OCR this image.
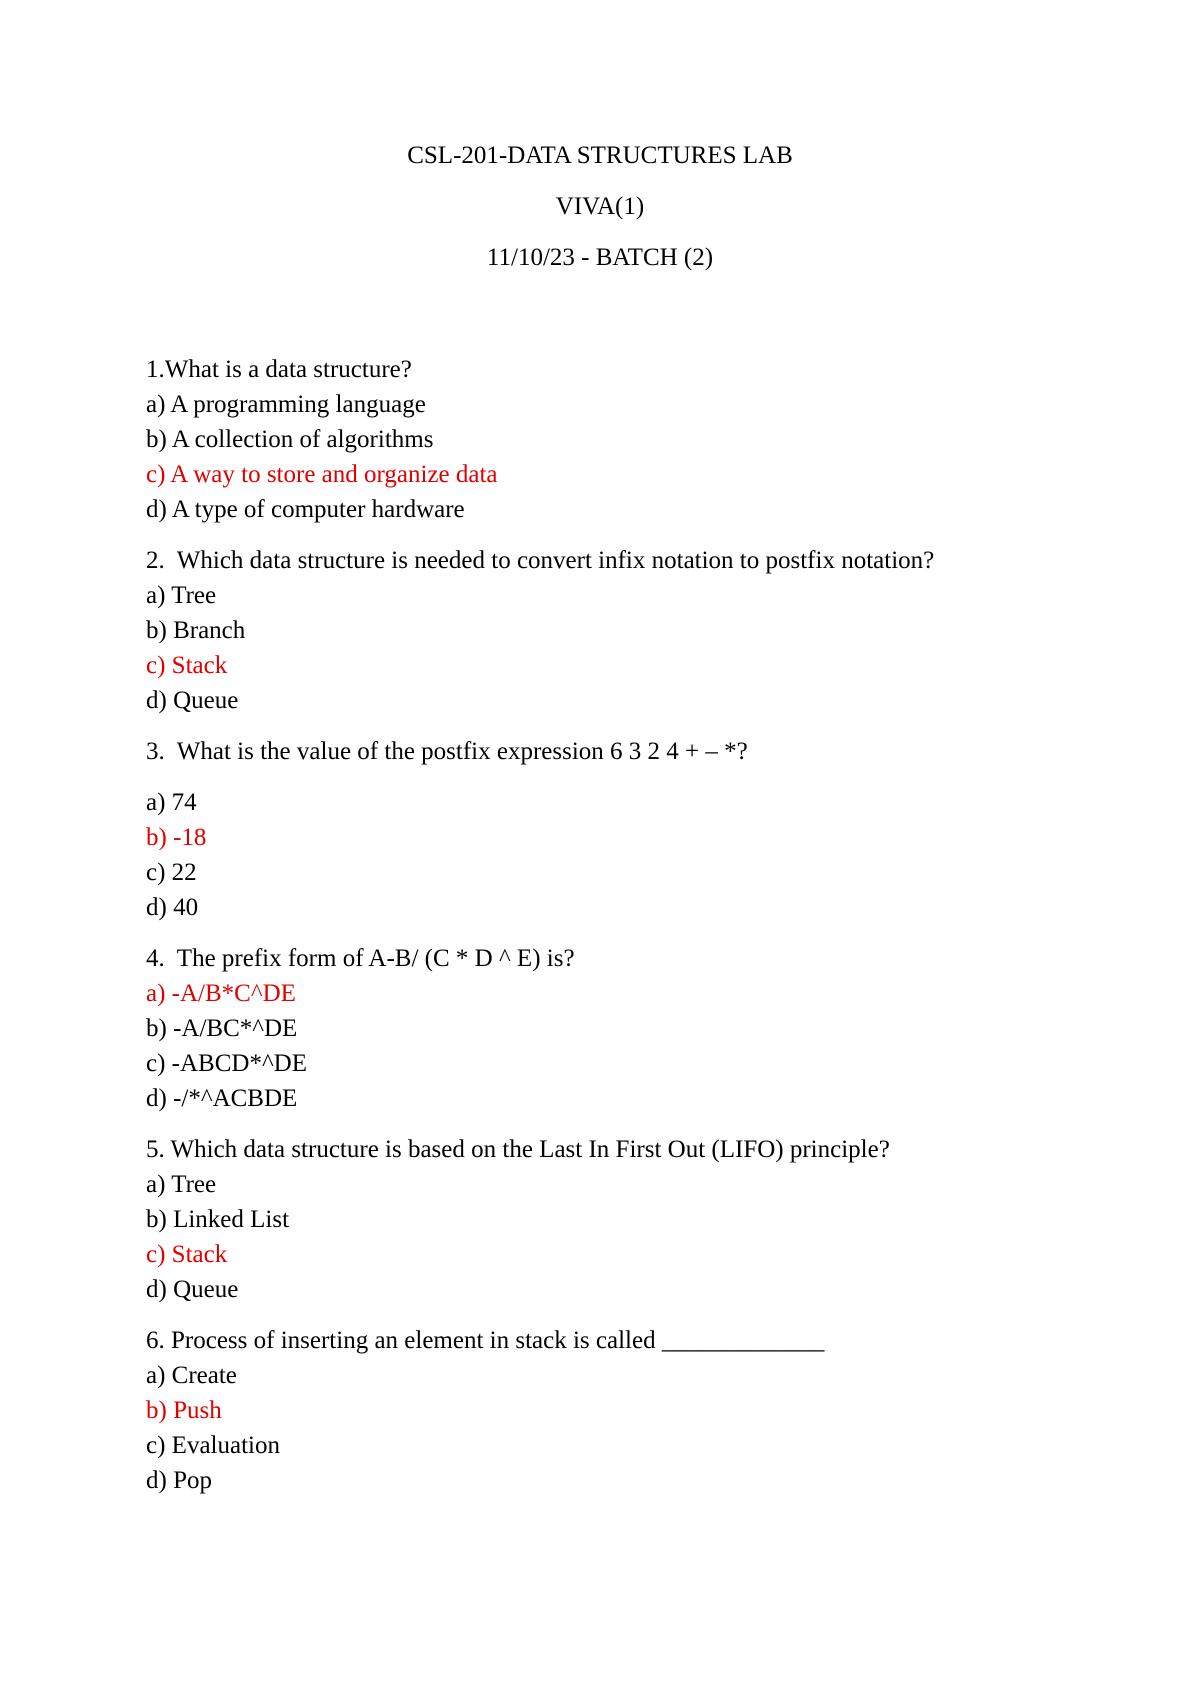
CSL-201-DATA STRUCTURES LAB
VIVA(1)
11/10/23 - BATCH (2)
1.What is a data structure?
a) A programming language
b) A collection of algorithms
c) A way to store and organize data
d) A type of computer hardware
2.  Which data structure is needed to convert infix notation to postfix notation?
a) Tree
b) Branch
c) Stack
d) Queue
3.  What is the value of the postfix expression 6 3 2 4 + – *?
a) 74
b) -18
c) 22
d) 40
4.  The prefix form of A-B/ (C * D ^ E) is?
a) -A/B*C^DE
b) -A/BC*^DE
c) -ABCD*^DE
d) -/*^ACBDE
5. Which data structure is based on the Last In First Out (LIFO) principle?
a) Tree
b) Linked List
c) Stack
d) Queue
6. Process of inserting an element in stack is called _____________
a) Create
b) Push
c) Evaluation
d) Pop
